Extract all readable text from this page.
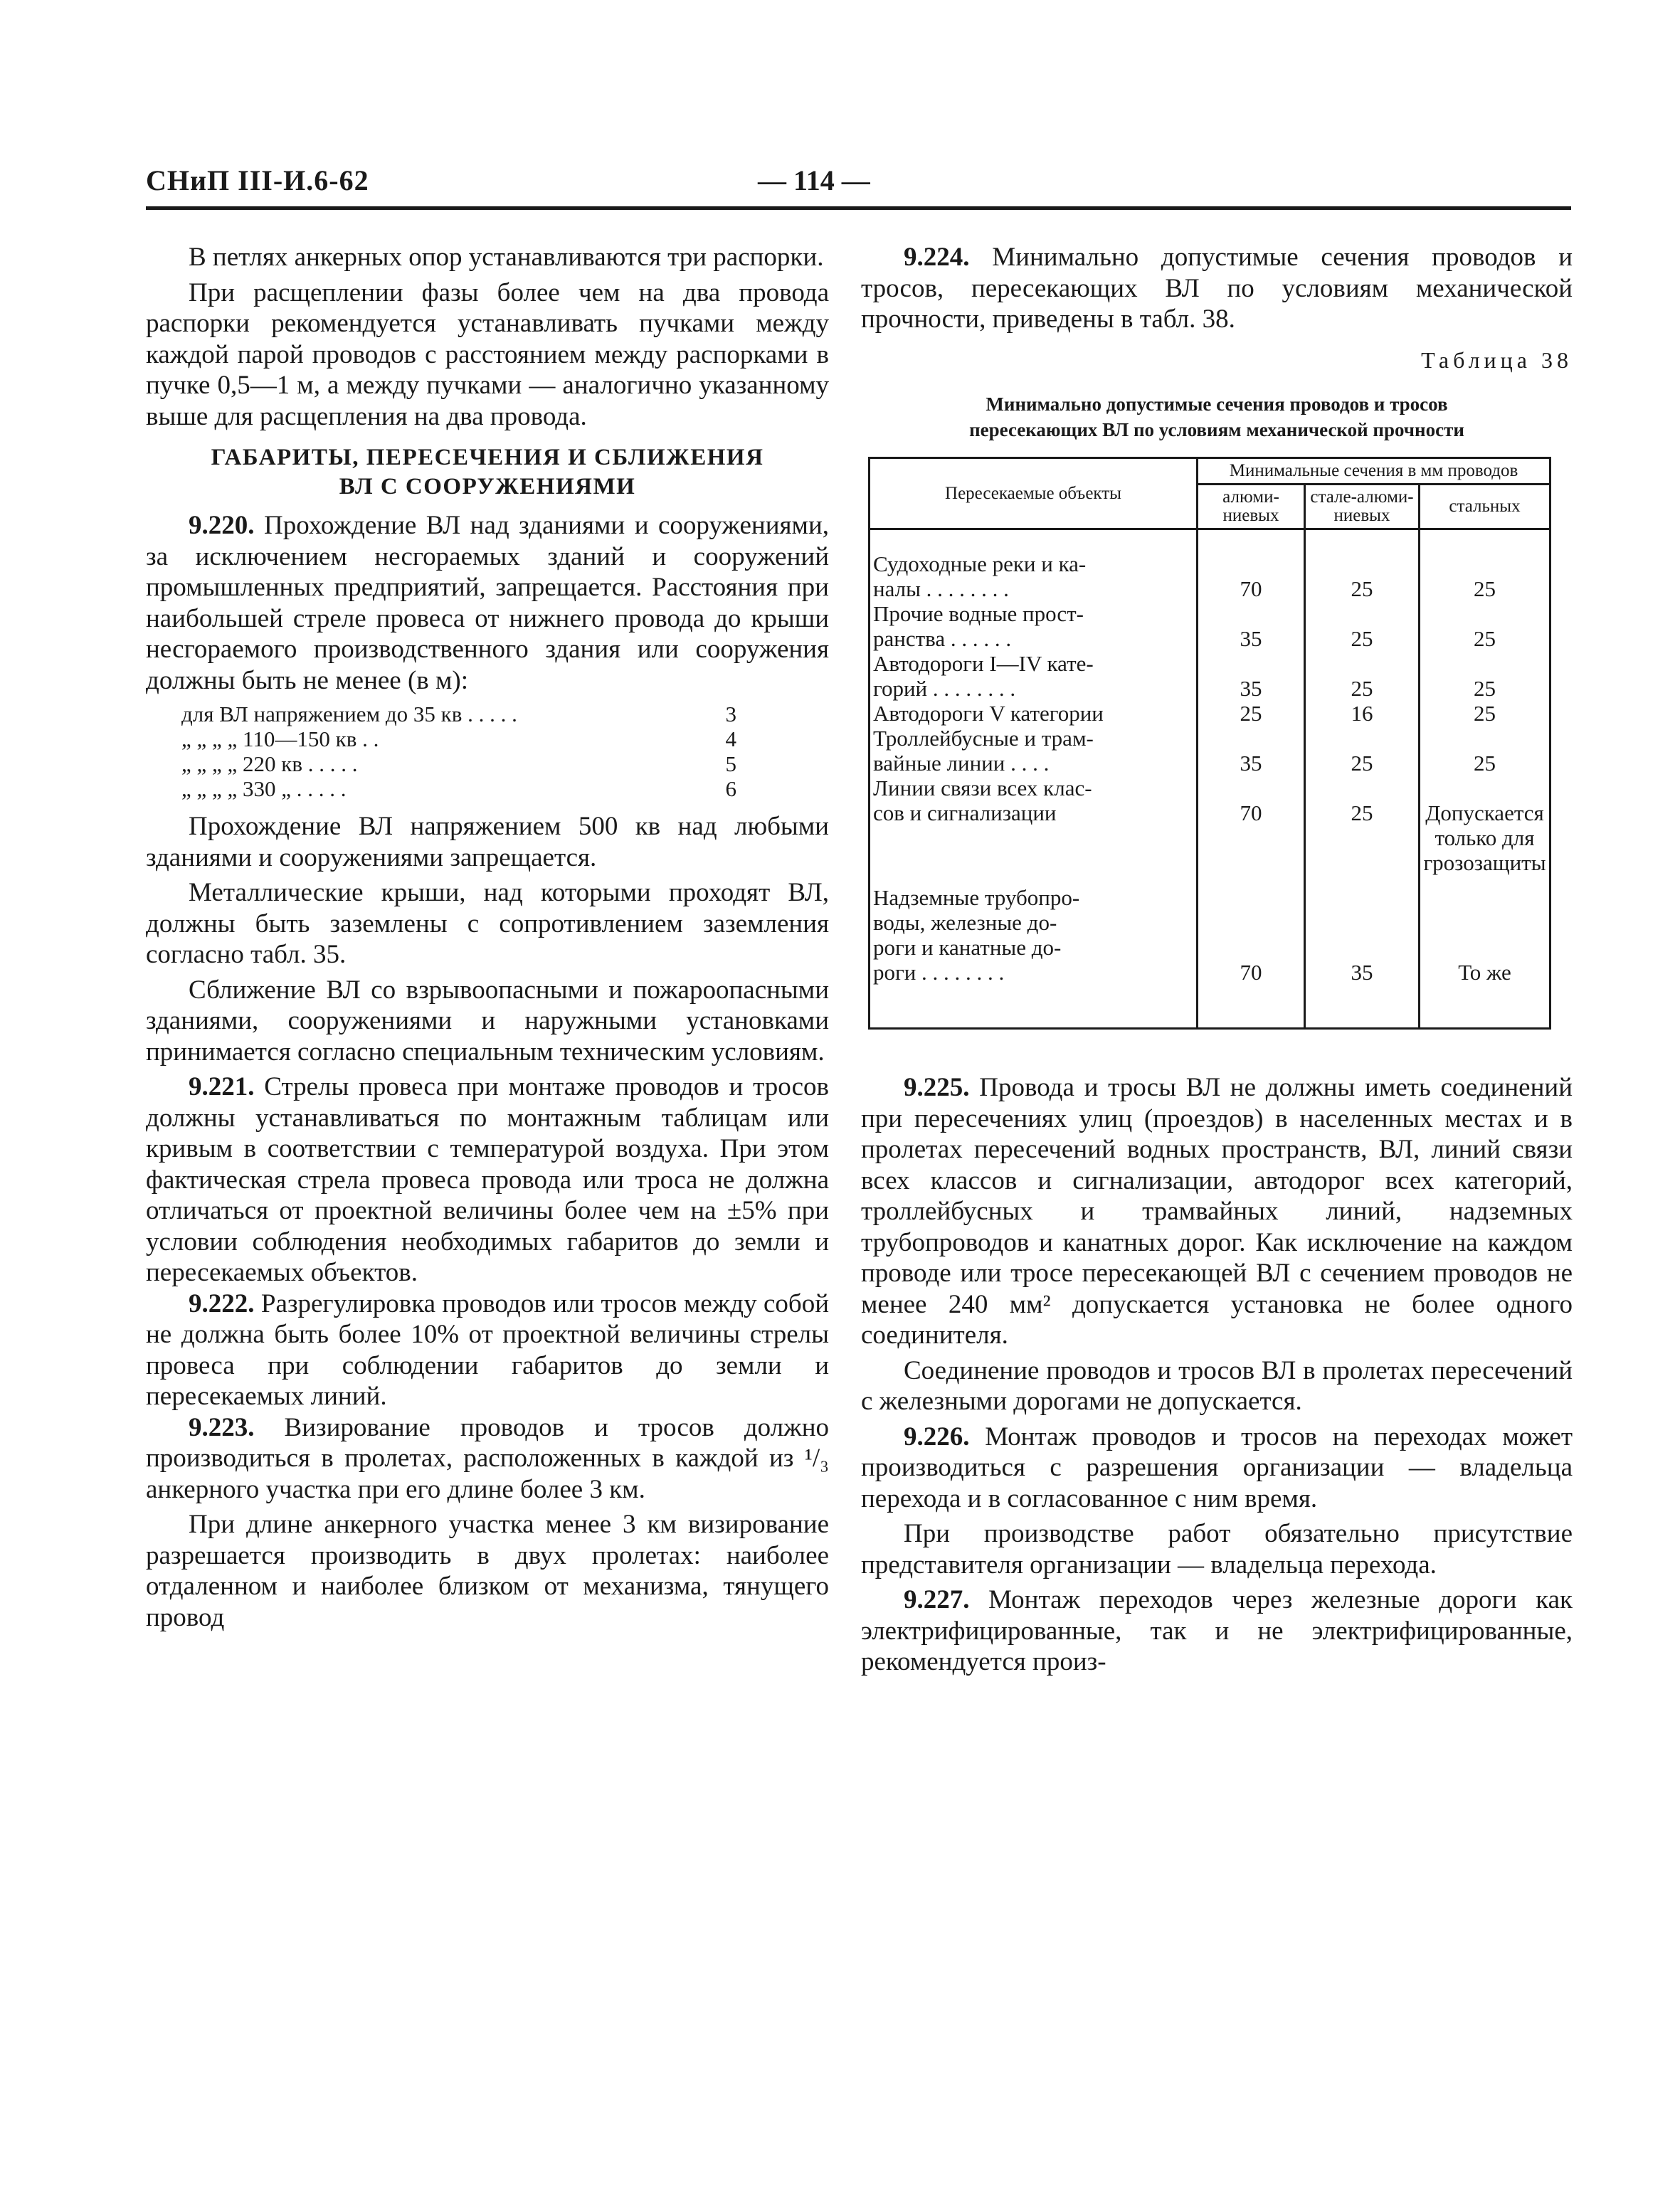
СНиП III-И.6-62	— 114 —

В петлях анкерных опор устанавливаются три распорки.

При расщеплении фазы более чем на два провода распорки рекомендуется устанавливать пучками между каждой парой проводов с расстоянием между распорками в пучке 0,5—1 м, а между пучками — аналогично указанному выше для расщепления на два провода.

ГАБАРИТЫ, ПЕРЕСЕЧЕНИЯ И СБЛИЖЕНИЯ
ВЛ С СООРУЖЕНИЯМИ

9.220. Прохождение ВЛ над зданиями и сооружениями, за исключением несгораемых зданий и сооружений промышленных предприятий, запрещается. Расстояния при наибольшей стреле провеса от нижнего провода до крыши несгораемого производственного здания или сооружения должны быть не менее (в м):

для ВЛ напряжением до 35 кв . . . . .	3
„ „ „ „ 110—150 кв . .	4
„ „ „ „ 220 кв . . . . .	5
„ „ „ „ 330 „ . . . . .	6

Прохождение ВЛ напряжением 500 кв над любыми зданиями и сооружениями запрещается.

Металлические крыши, над которыми проходят ВЛ, должны быть заземлены с сопротивлением заземления согласно табл. 35.

Сближение ВЛ со взрывоопасными и пожароопасными зданиями, сооружениями и наружными установками принимается согласно специальным техническим условиям.

9.221. Стрелы провеса при монтаже проводов и тросов должны устанавливаться по монтажным таблицам или кривым в соответствии с температурой воздуха. При этом фактическая стрела провеса провода или троса не должна отличаться от проектной величины более чем на ±5% при условии соблюдения необходимых габаритов до земли и пересекаемых объектов.

9.222. Разрегулировка проводов или тросов между собой не должна быть более 10% от проектной величины стрелы провеса при соблюдении габаритов до земли и пересекаемых линий.

9.223. Визирование проводов и тросов должно производиться в пролетах, расположенных в каждой из ¹/₃ анкерного участка при его длине более 3 км.

При длине анкерного участка менее 3 км визирование разрешается производить в двух пролетах: наиболее отдаленном и наиболее близком от механизма, тянущего провод

9.224. Минимально допустимые сечения проводов и тросов, пересекающих ВЛ по условиям механической прочности, приведены в табл. 38.

Таблица 38
Минимально допустимые сечения проводов и тросов
пересекающих ВЛ по условиям механической прочности
Пересекаемые объекты	Минимальные сечения в мм проводов		
	алюми-ниевых	стале-алюми-ниевых	стальных

Судоходные реки и ка-
налы . . . . . . . .	70	25	25

Прочие водные прост-
ранства . . . . . .	35	25	25

Автодороги I—IV кате-
горий . . . . . . . .	35	25	25

Автодороги V категории	25	16	25

Троллейбусные и трам-
вайные линии . . . .	35	25	25

Линии связи всех клас-
сов и сигнализации	70	25	Допускается только для грозозащиты

Надземные трубопро-
воды, железные до-
роги и канатные до-
роги . . . . . . . .	70	35	То же

9.225. Провода и тросы ВЛ не должны иметь соединений при пересечениях улиц (проездов) в населенных местах и в пролетах пересечений водных пространств, ВЛ, линий связи всех классов и сигнализации, автодорог всех категорий, троллейбусных и трамвайных линий, надземных трубопроводов и канатных дорог. Как исключение на каждом проводе или тросе пересекающей ВЛ с сечением проводов не менее 240 мм² допускается установка не более одного соединителя.

Соединение проводов и тросов ВЛ в пролетах пересечений с железными дорогами не допускается.

9.226. Монтаж проводов и тросов на переходах может производиться с разрешения организации — владельца перехода и в согласованное с ним время.

При производстве работ обязательно присутствие представителя организации — владельца перехода.

9.227. Монтаж переходов через железные дороги как электрифицированные, так и не электрифицированные, рекомендуется произ-
